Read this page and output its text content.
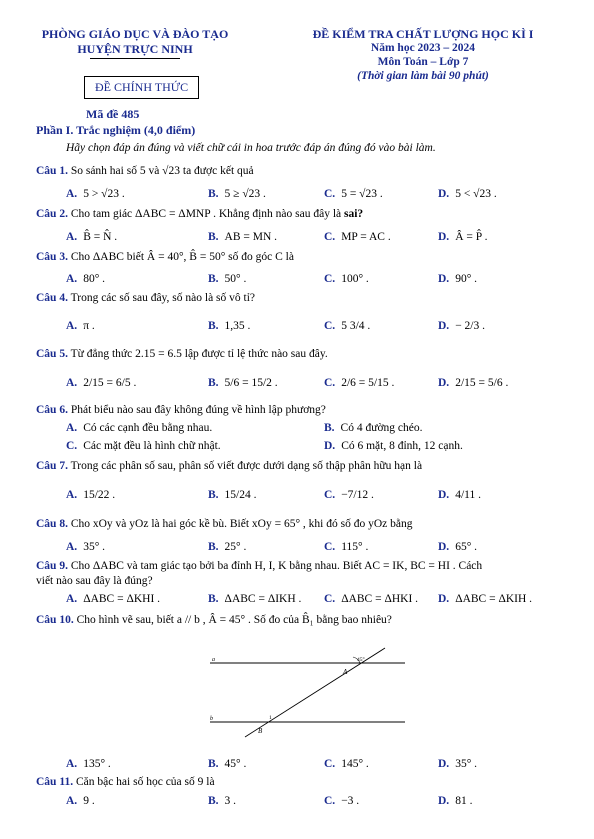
PHÒNG GIÁO DỤC VÀ ĐÀO TẠO
HUYỆN TRỰC NINH
ĐỀ KIỂM TRA CHẤT LƯỢNG HỌC KÌ I
Năm học 2023 – 2024
Môn Toán – Lớp 7
(Thời gian làm bài 90 phút)
ĐỀ CHÍNH THỨC
Mã đề 485
Phần I. Trắc nghiệm (4,0 điểm)
Hãy chọn đáp án đúng và viết chữ cái in hoa trước đáp án đúng đó vào bài làm.
Câu 1. So sánh hai số 5 và √23 ta được kết quả
A. 5 > √23 .	B. 5 ≥ √23 .	C. 5 = √23 .	D. 5 < √23 .
Câu 2. Cho tam giác ΔABC = ΔMNP . Khẳng định nào sau đây là sai?
A. B̂ = N̂ .	B. AB = MN .	C. MP = AC .	D. Â = P̂ .
Câu 3. Cho ΔABC biết Â = 40°, B̂ = 50° số đo góc C là
A. 80° .	B. 50° .	C. 100° .	D. 90° .
Câu 4. Trong các số sau đây, số nào là số vô tỉ?
A. π .	B. 1,35 .	C. 5 3/4 .	D. − 2/3 .
Câu 5. Từ đẳng thức 2.15 = 6.5 lập được tỉ lệ thức nào sau đây.
A. 2/15 = 6/5 .	B. 5/6 = 15/2 .	C. 2/6 = 5/15 .	D. 2/15 = 5/6 .
Câu 6. Phát biểu nào sau đây không đúng về hình lập phương?
A. Có các cạnh đều bằng nhau.	B. Có 4 đường chéo.
C. Các mặt đều là hình chữ nhật.	D. Có 6 mặt, 8 đỉnh, 12 cạnh.
Câu 7. Trong các phân số sau, phân số viết được dưới dạng số thập phân hữu hạn là
A. 15/22 .	B. 15/24 .	C. −7/12 .	D. 4/11 .
Câu 8. Cho xOy và yOz là hai góc kề bù. Biết xOy = 65° , khi đó số đo yOz bằng
A. 35° .	B. 25° .	C. 115° .	D. 65° .
Câu 9. Cho ΔABC và tam giác tạo bởi ba đỉnh H, I, K bằng nhau. Biết AC = IK, BC = HI . Cách
viết nào sau đây là đúng?
A. ΔABC = ΔKHI .	B. ΔABC = ΔIKH . C. ΔABC = ΔHKI . D. ΔABC = ΔKIH .
Câu 10. Cho hình vẽ sau, biết a // b , Â = 45° . Số đo của B̂₁ bằng bao nhiêu?
a
b
A
B
45°
1
A. 135° .	B. 45° .	C. 145° .	D. 35° .
Câu 11. Căn bậc hai số học của số 9 là
A. 9 .	B. 3 .	C. −3 .	D. 81 .
